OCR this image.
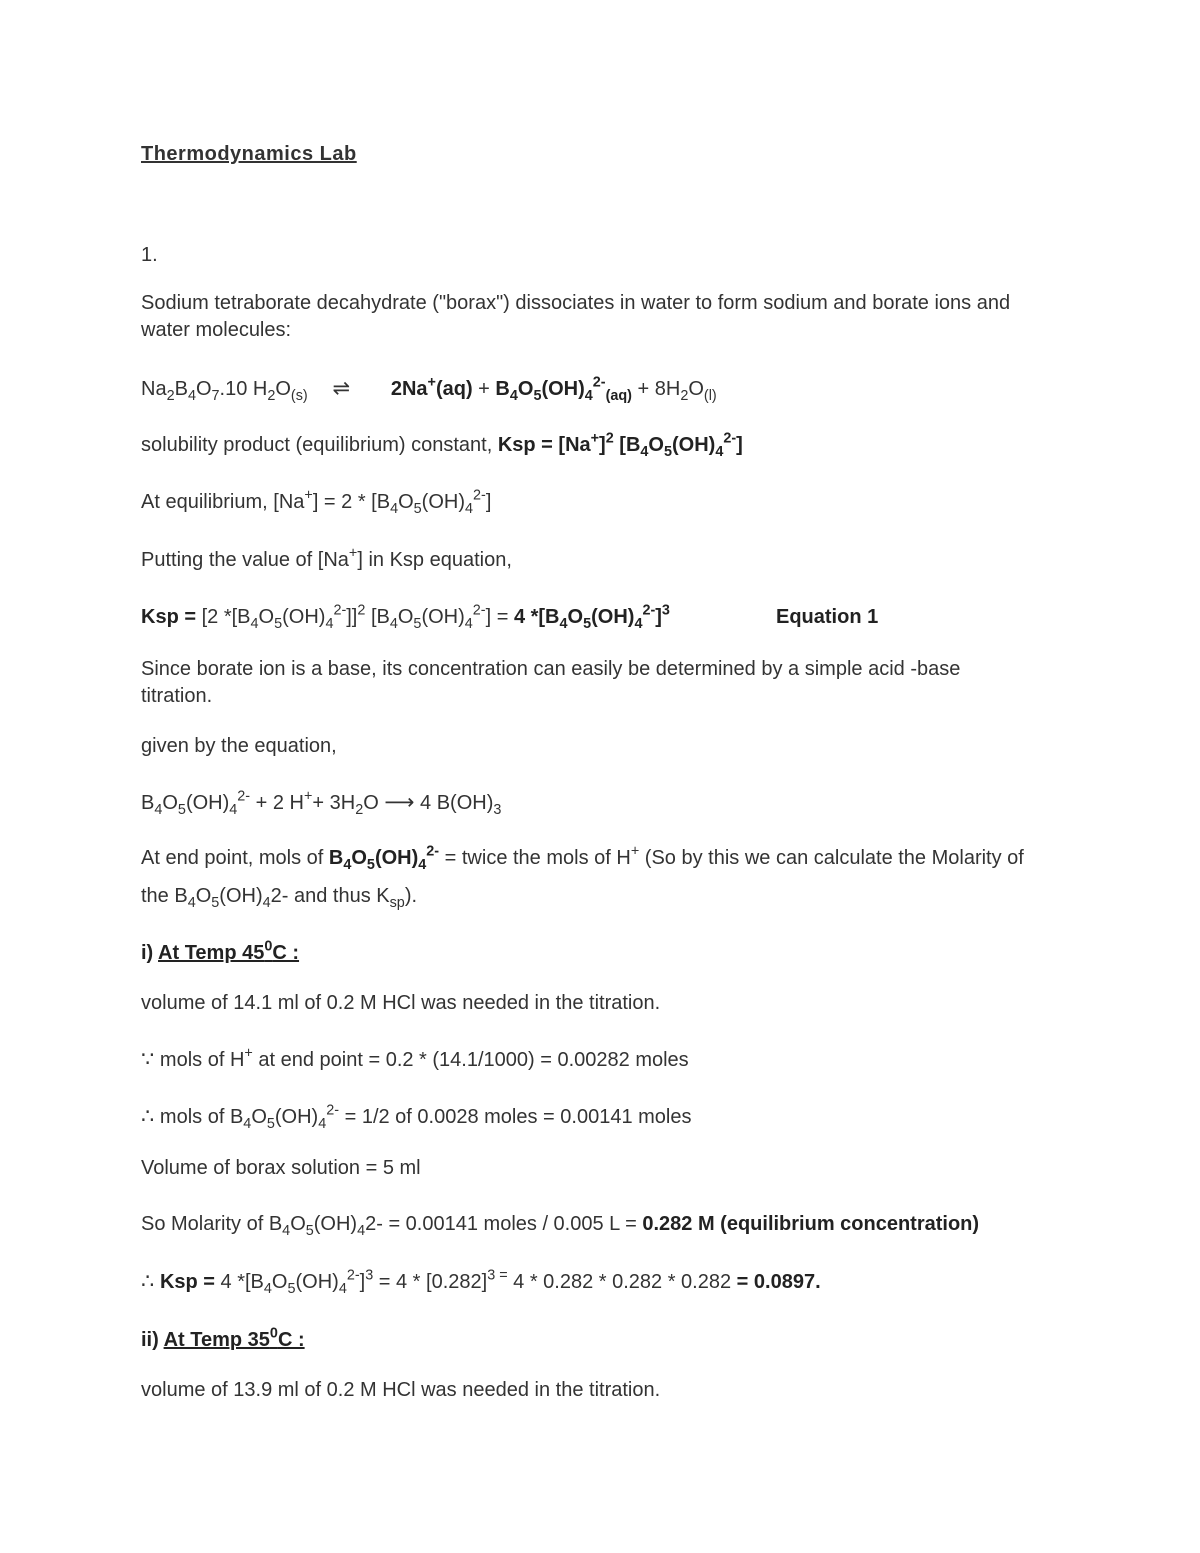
Thermodynamics Lab

1.

Sodium tetraborate decahydrate ("borax") dissociates in water to form sodium and borate ions and water molecules:

$Na_2B_4O_7.10$ $H_2O_{(s)}$ ⇌ $2Na^+(aq) + B_4O_5(OH)_4^{2-}_{(aq)} + 8H_2O_{(l)}$

solubility product (equilibrium) constant, Ksp = $[Na^+]^2$ $[B_4O_5(OH)_4^{2-}]$

At equilibrium, $[Na^+] = 2 * [B_4O_5(OH)_4^{2-}]$

Putting the value of [Na+] in Ksp equation,

Ksp = [2 $*[B_4O_5(OH)_4^{2-}]]^2$ $[B_4O_5(OH)_4^{2-}] = 4$ $*[B_4O_5(OH)_4^{2-}]^3$	Equation 1

Since borate ion is a base, its concentration can easily be determined by a simple acid -base titration.

given by the equation,

$B_4O_5(OH)_4^{2-} + 2$ $H^++ 3H_2O$ ⟶ 4 $B(OH)_3$

At end point, mols of $B_4O_5(OH)_4^{2-}$ = twice the mols of H+ (So by this we can calculate the Molarity of

the $B_4O_5(OH)_42-$ and thus $K_{sp}$).

i) At Temp $45^0C$ :

volume of 14.1 ml of 0.2 M HCl was needed in the titration.

∵ mols of H+ at end point = 0.2 * (14.1/1000) = 0.00282 moles

∴ mols of $B_4O_5(OH)_4^{2-} = 1/2$ of 0.0028 moles = 0.00141 moles

Volume of borax solution = 5 ml

So Molarity of $B_4O_5(OH)_42- = 0.00141$ moles / 0.005 L = 0.282 M (equilibrium concentration)

∴ Ksp = 4 $*[B_4O_5(OH)_4^{2-}]^3 = 4 * [0.282]^{3 =}$ 4 * 0.282 * 0.282 * 0.282 = 0.0897.

ii) At Temp $35^0C$ :

volume of 13.9 ml of 0.2 M HCl was needed in the titration.
